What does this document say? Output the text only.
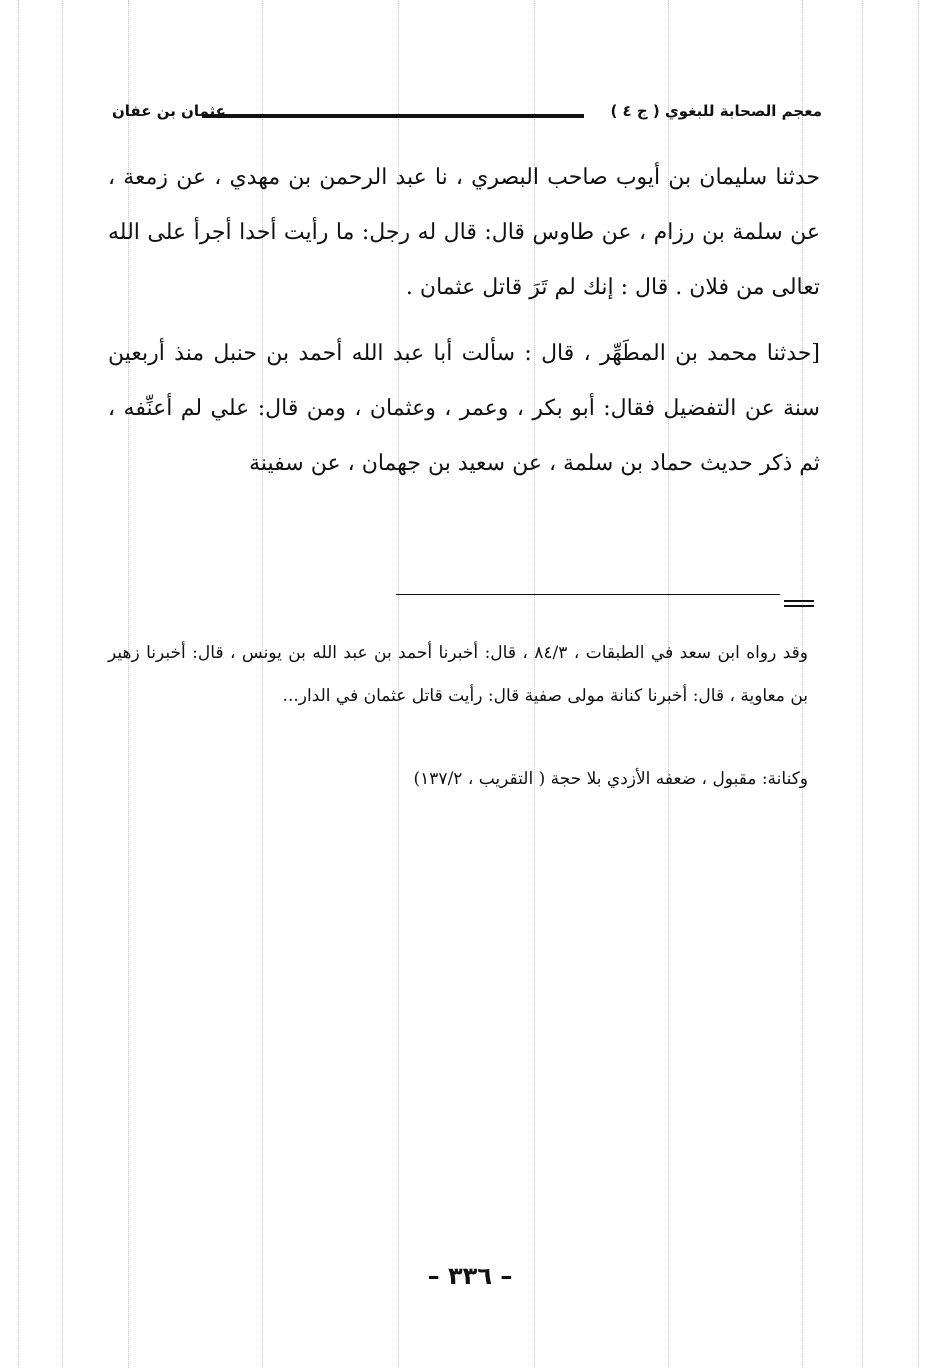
معجم الصحابة للبغوي ( ج ٤ )
عثمان بن عفان

حدثنا سليمان بن أيوب صاحب البصري ، نا عبد الرحمن بن مهدي ، عن زمعة ، عن سلمة بن رزام ، عن طاوس قال: قال له رجل: ما رأيت أحدا أجرأ على الله تعالى من فلان . قال : إنك لم تَرَ قاتل عثمان .

[حدثنا محمد بن المطَهِّر ، قال : سألت أبا عبد الله أحمد بن حنبل منذ أربعين سنة عن التفضيل فقال: أبو بكر ، وعمر ، وعثمان ، ومن قال: علي لم أعنِّفه ، ثم ذكر حديث حماد بن سلمة ، عن سعيد بن جهمان ، عن سفينة

وقد رواه ابن سعد في الطبقات ، ٨٤/٣ ، قال: أخبرنا أحمد بن عبد الله بن يونس ، قال: أخبرنا زهير بن معاوية ، قال: أخبرنا كنانة مولى صفية قال: رأيت قاتل عثمان في الدار...

وكنانة: مقبول ، ضعفه الأزدي بلا حجة ( التقريب ، ١٣٧/٢)

– ٣٣٦ –
